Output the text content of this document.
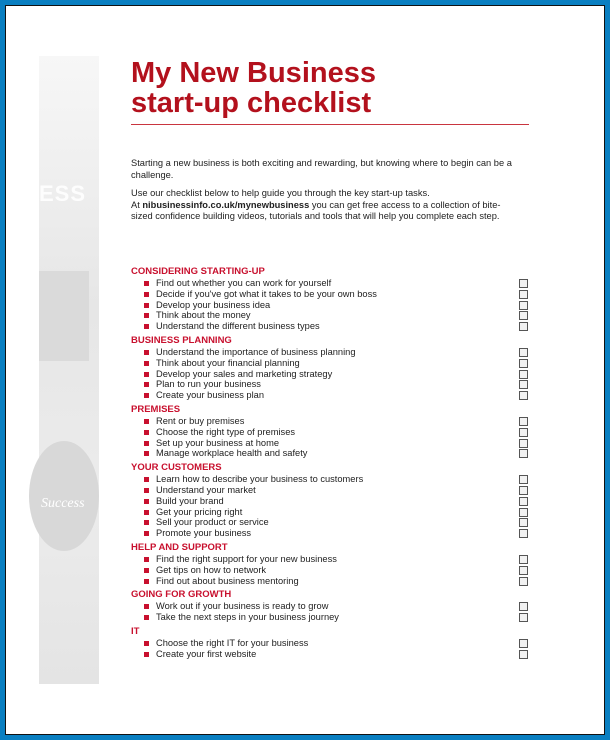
ESS
Success
My New Business
start-up checklist

Starting a new business is both exciting and rewarding, but knowing where to begin can be a challenge.

Use our checklist below to help guide you through the key start-up tasks.
At nibusinessinfo.co.uk/mynewbusiness you can get free access to a collection of bite-sized confidence building videos, tutorials and tools that will help you complete each step.

CONSIDERING STARTING-UP
Find out whether you can work for yourself
Decide if you've got what it takes to be your own boss
Develop your business idea
Think about the money
Understand the different business types
BUSINESS PLANNING
Understand the importance of business planning
Think about your financial planning
Develop your sales and marketing strategy
Plan to run your business
Create your business plan
PREMISES
Rent or buy premises
Choose the right type of premises
Set up your business at home
Manage workplace health and safety
YOUR CUSTOMERS
Learn how to describe your business to customers
Understand your market
Build your brand
Get your pricing right
Sell your product or service
Promote your business
HELP AND SUPPORT
Find the right support for your new business
Get tips on how to network
Find out about business mentoring
GOING FOR GROWTH
Work out if your business is ready to grow
Take the next steps in your business journey
IT
Choose the right IT for your business
Create your first website
